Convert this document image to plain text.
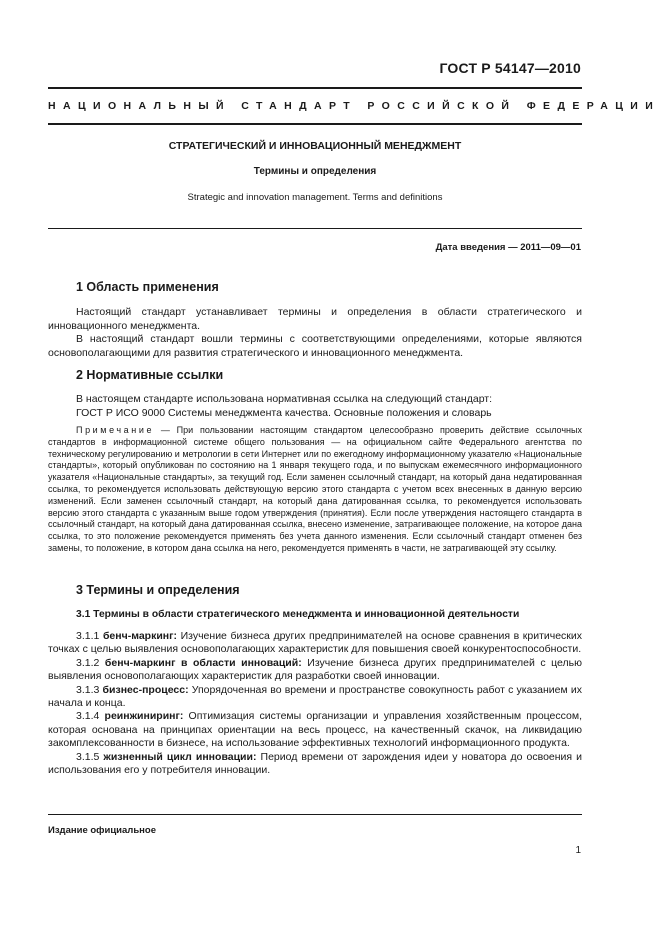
ГОСТ Р 54147—2010
НАЦИОНАЛЬНЫЙ СТАНДАРТ РОССИЙСКОЙ ФЕДЕРАЦИИ
СТРАТЕГИЧЕСКИЙ И ИННОВАЦИОННЫЙ МЕНЕДЖМЕНТ
Термины и определения
Strategic and innovation management. Terms and definitions
Дата введения — 2011—09—01
1 Область применения

Настоящий стандарт устанавливает термины и определения в области стратегического и инновационного менеджмента.

В настоящий стандарт вошли термины с соответствующими определениями, которые являются основополагающими для развития стратегического и инновационного менеджмента.

2 Нормативные ссылки

В настоящем стандарте использована нормативная ссылка на следующий стандарт:

ГОСТ Р ИСО 9000 Системы менеджмента качества. Основные положения и словарь

Примечание — При пользовании настоящим стандартом целесообразно проверить действие ссылочных стандартов в информационной системе общего пользования — на официальном сайте Федерального агентства по техническому регулированию и метрологии в сети Интернет или по ежегодному информационному указателю «Национальные стандарты», который опубликован по состоянию на 1 января текущего года, и по выпускам ежемесячного информационного указателя «Национальные стандарты», за текущий год. Если заменен ссылочный стандарт, на который дана недатированная ссылка, то рекомендуется использовать действующую версию этого стандарта с учетом всех внесенных в данную версию изменений. Если заменен ссылочный стандарт, на который дана датированная ссылка, то рекомендуется использовать версию этого стандарта с указанным выше годом утверждения (принятия). Если после утверждения настоящего стандарта в ссылочный стандарт, на который дана датированная ссылка, внесено изменение, затрагивающее положение, на которое дана ссылка, то это положение рекомендуется применять без учета данного изменения. Если ссылочный стандарт отменен без замены, то положение, в котором дана ссылка на него, рекомендуется применять в части, не затрагивающей эту ссылку.
3 Термины и определения
3.1 Термины в области стратегического менеджмента и инновационной деятельности

3.1.1 бенч-маркинг: Изучение бизнеса других предпринимателей на основе сравнения в критических точках с целью выявления основополагающих характеристик для повышения своей конкурентоспособности.

3.1.2 бенч-маркинг в области инноваций: Изучение бизнеса других предпринимателей с целью выявления основополагающих характеристик для разработки своей инновации.

3.1.3 бизнес-процесс: Упорядоченная во времени и пространстве совокупность работ с указанием их начала и конца.

3.1.4 реинжиниринг: Оптимизация системы организации и управления хозяйственным процессом, которая основана на принципах ориентации на весь процесс, на качественный скачок, на ликвидацию закомплексованности в бизнесе, на использование эффективных технологий информационного продукта.

3.1.5 жизненный цикл инновации: Период времени от зарождения идеи у новатора до освоения и использования его у потребителя инновации.

Издание официальное
1
